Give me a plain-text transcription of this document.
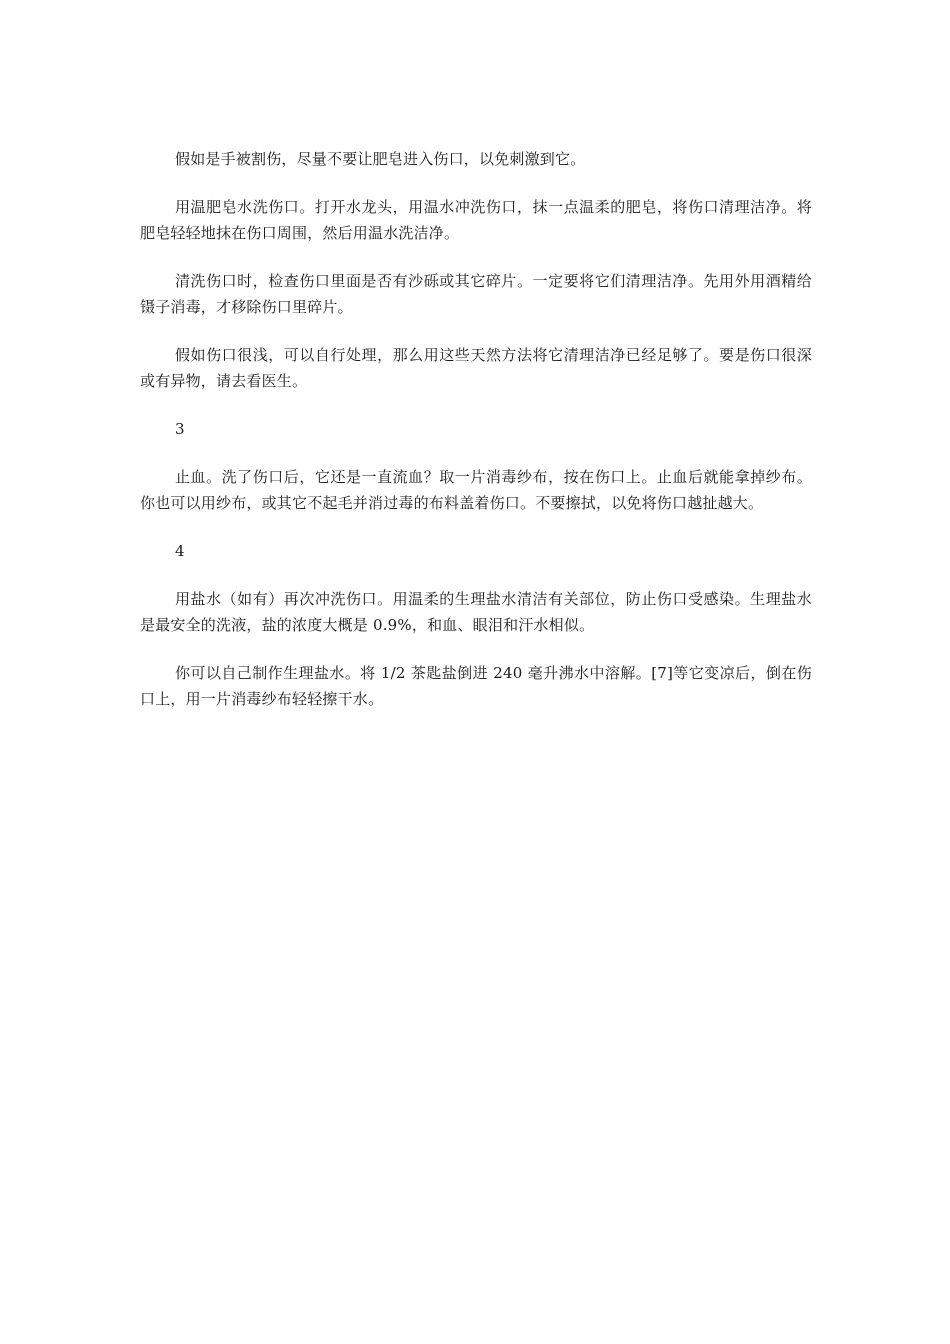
假如是手被割伤，尽量不要让肥皂进入伤口，以免刺激到它。

用温肥皂水洗伤口。打开水龙头，用温水冲洗伤口，抹一点温柔的肥皂，将伤口清理洁净。将肥皂轻轻地抹在伤口周围，然后用温水洗洁净。

清洗伤口时，检查伤口里面是否有沙砾或其它碎片。一定要将它们清理洁净。先用外用酒精给镊子消毒，才移除伤口里碎片。

假如伤口很浅，可以自行处理，那么用这些天然方法将它清理洁净已经足够了。要是伤口很深或有异物，请去看医生。

3

止血。洗了伤口后，它还是一直流血？取一片消毒纱布，按在伤口上。止血后就能拿掉纱布。你也可以用纱布，或其它不起毛并消过毒的布料盖着伤口。不要擦拭，以免将伤口越扯越大。

4

用盐水（如有）再次冲洗伤口。用温柔的生理盐水清洁有关部位，防止伤口受感染。生理盐水是最安全的洗液，盐的浓度大概是 0.9%，和血、眼泪和汗水相似。

你可以自己制作生理盐水。将 1/2 茶匙盐倒进 240 毫升沸水中溶解。[7]等它变凉后，倒在伤口上，用一片消毒纱布轻轻擦干水。
